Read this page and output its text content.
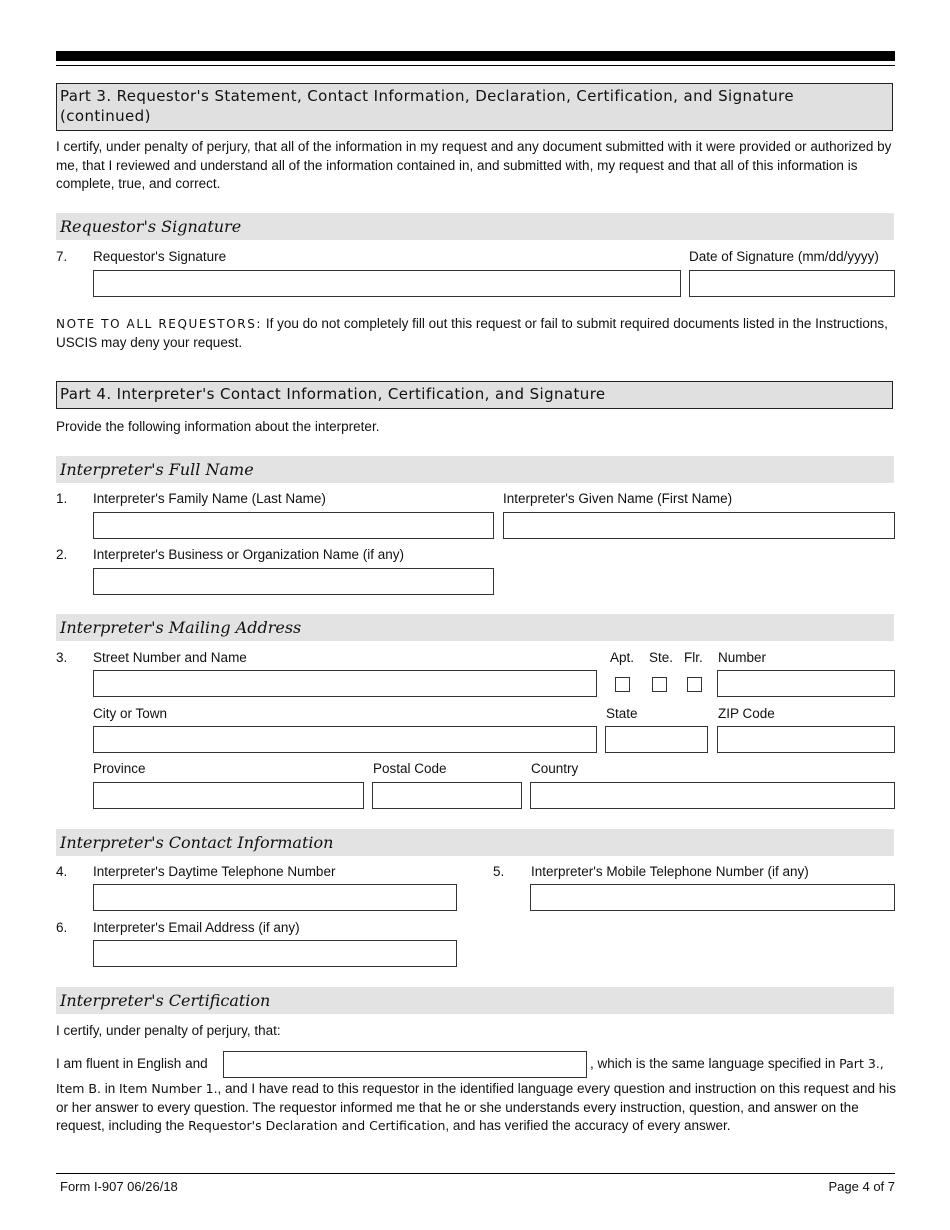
Part 3. Requestor's Statement, Contact Information, Declaration, Certification, and Signature (continued)
I certify, under penalty of perjury, that all of the information in my request and any document submitted with it were provided or authorized by me, that I reviewed and understand all of the information contained in, and submitted with, my request and that all of this information is complete, true, and correct.
Requestor's Signature
7. Requestor's Signature	Date of Signature (mm/dd/yyyy)
NOTE TO ALL REQUESTORS: If you do not completely fill out this request or fail to submit required documents listed in the Instructions, USCIS may deny your request.
Part 4. Interpreter's Contact Information, Certification, and Signature
Provide the following information about the interpreter.
Interpreter's Full Name
1. Interpreter's Family Name (Last Name)	Interpreter's Given Name (First Name)
2. Interpreter's Business or Organization Name (if any)
Interpreter's Mailing Address
3. Street Number and Name	Apt. Ste. Flr. Number
City or Town	State	ZIP Code
Province	Postal Code	Country
Interpreter's Contact Information
4. Interpreter's Daytime Telephone Number	5. Interpreter's Mobile Telephone Number (if any)
6. Interpreter's Email Address (if any)
Interpreter's Certification
I certify, under penalty of perjury, that:
I am fluent in English and	, which is the same language specified in Part 3.,
Item B. in Item Number 1., and I have read to this requestor in the identified language every question and instruction on this request and his or her answer to every question. The requestor informed me that he or she understands every instruction, question, and answer on the request, including the Requestor's Declaration and Certification, and has verified the accuracy of every answer.
Form I-907 06/26/18	Page 4 of 7
